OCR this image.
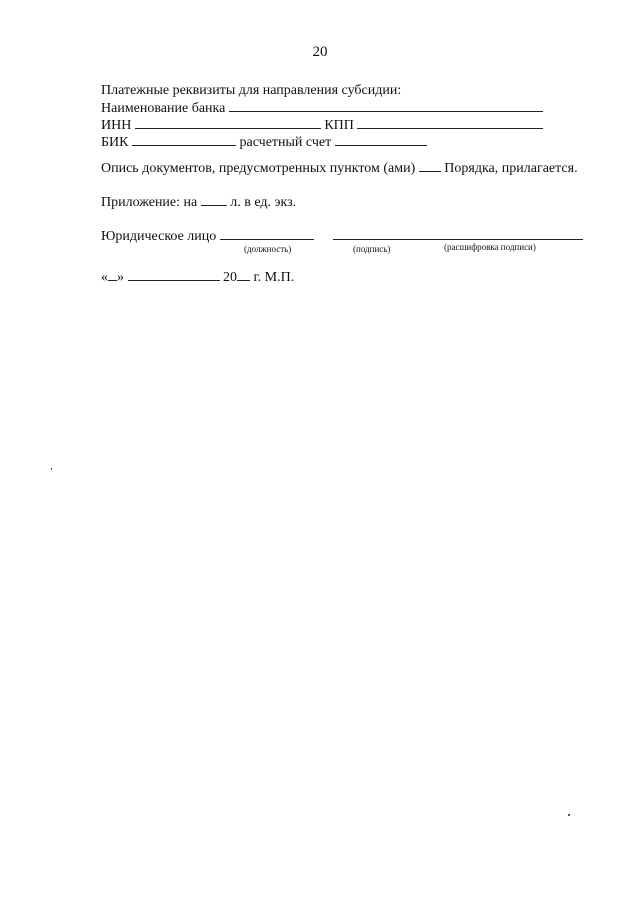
20
Платежные реквизиты для направления субсидии:
Наименование банка
ИНН	КПП
БИК	расчетный счет
Опись документов, предусмотренных пунктом (ами) Порядка, прилагается.
Приложение: на л. в ед. экз.
Юридическое лицо
(должность)	(подпись)	(расшифровка подписи)
« »	20 г. М.П.
